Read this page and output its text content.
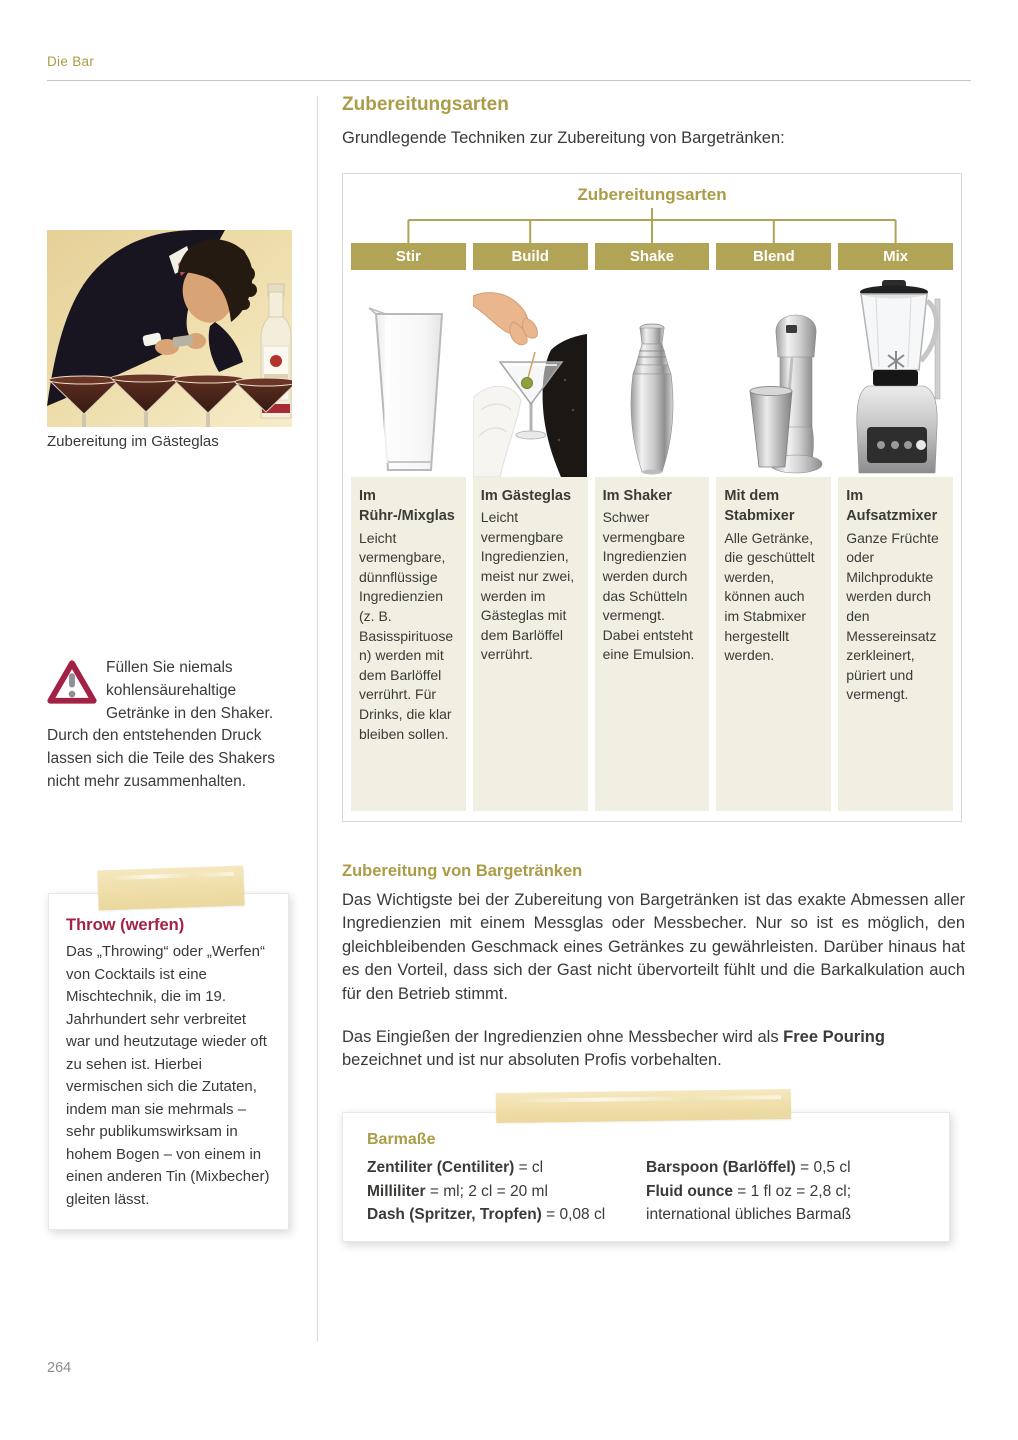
Die Bar
Zubereitung im Gästeglas
Füllen Sie niemals kohlensäurehaltige Getränke in den Shaker. Durch den entstehenden Druck lassen sich die Teile des Shakers nicht mehr zusammenhalten.
Throw (werfen)

Das „Throwing“ oder „Werfen“ von Cocktails ist eine Mischtechnik, die im 19. Jahrhundert sehr verbreitet war und heutzutage wieder oft zu sehen ist. Hierbei vermischen sich die Zutaten, indem man sie mehrmals – sehr publikumswirksam in hohem Bogen – von einem in einen anderen Tin (Mixbecher) gleiten lässt.

Zubereitungsarten

Grundlegende Techniken zur Zubereitung von Bargetränken:

Zubereitungsarten
Stir
Im Rühr-/Mixglas
Leicht vermengbare, dünnflüssige Ingredienzien (z. B. Basisspirituosen) werden mit dem Barlöffel verrührt. Für Drinks, die klar bleiben sollen.
Build
Im Gästeglas
Leicht vermengbare Ingredienzien, meist nur zwei, werden im Gästeglas mit dem Barlöffel verrührt.
Shake
Im Shaker
Schwer vermengbare Ingredienzien werden durch das Schütteln vermengt. Dabei entsteht eine Emulsion.
Blend
Mit dem Stabmixer
Alle Getränke, die geschüttelt werden, können auch im Stabmixer hergestellt werden.
Mix
Im Aufsatzmixer
Ganze Früchte oder Milchprodukte werden durch den Messereinsatz zerkleinert, püriert und vermengt.
Zubereitung von Bargetränken

Das Wichtigste bei der Zubereitung von Bargetränken ist das exakte Abmessen aller Ingredienzien mit einem Messglas oder Messbecher. Nur so ist es möglich, den gleichbleibenden Geschmack eines Getränkes zu gewährleisten. Darüber hinaus hat es den Vorteil, dass sich der Gast nicht übervorteilt fühlt und die Barkalkulation auch für den Betrieb stimmt.

Das Eingießen der Ingredienzien ohne Messbecher wird als Free Pouring bezeichnet und ist nur absoluten Profis vorbehalten.

Barmaße
Zentiliter (Centiliter) = cl
Milliliter = ml; 2 cl = 20 ml
Dash (Spritzer, Tropfen) = 0,08 cl
Barspoon (Barlöffel) = 0,5 cl
Fluid ounce = 1 fl oz = 2,8 cl;
international übliches Barmaß
264
